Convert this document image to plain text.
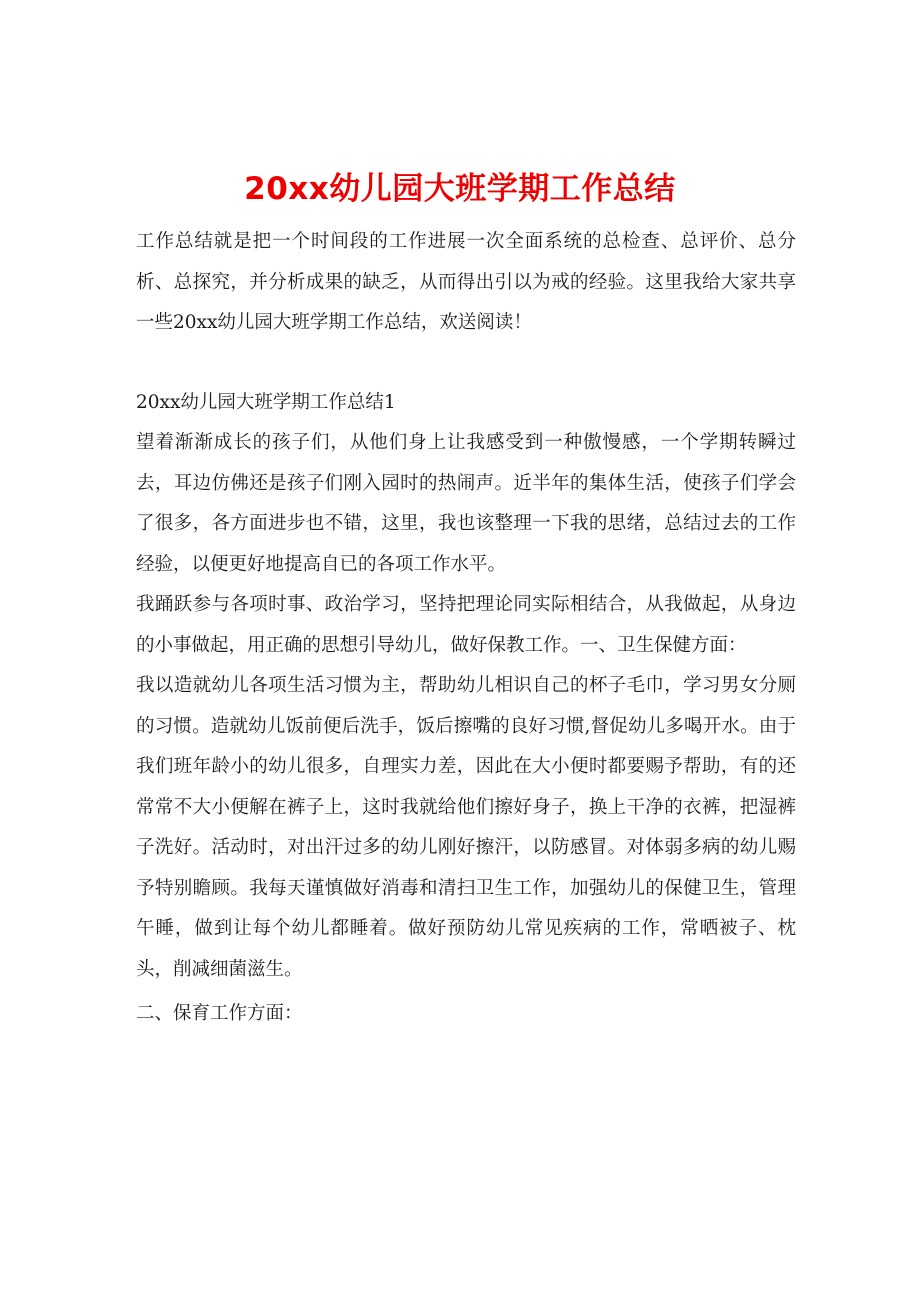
20xx幼儿园大班学期工作总结

工作总结就是把一个时间段的工作进展一次全面系统的总检查、总评价、总分析、总探究，并分析成果的缺乏，从而得出引以为戒的经验。这里我给大家共享一些20xx幼儿园大班学期工作总结，欢送阅读！

20xx幼儿园大班学期工作总结1

望着渐渐成长的孩子们，从他们身上让我感受到一种傲慢感，一个学期转瞬过去，耳边仿佛还是孩子们刚入园时的热闹声。近半年的集体生活，使孩子们学会了很多，各方面进步也不错，这里，我也该整理一下我的思绪，总结过去的工作经验，以便更好地提高自已的各项工作水平。

我踊跃参与各项时事、政治学习，坚持把理论同实际相结合，从我做起，从身边的小事做起，用正确的思想引导幼儿，做好保教工作。一、卫生保健方面：

我以造就幼儿各项生活习惯为主，帮助幼儿相识自己的杯子毛巾，学习男女分厕的习惯。造就幼儿饭前便后洗手，饭后擦嘴的良好习惯,督促幼儿多喝开水。由于我们班年龄小的幼儿很多，自理实力差，因此在大小便时都要赐予帮助，有的还常常不大小便解在裤子上，这时我就给他们擦好身子，换上干净的衣裤，把湿裤子洗好。活动时，对出汗过多的幼儿刚好擦汗，以防感冒。对体弱多病的幼儿赐予特别瞻顾。我每天谨慎做好消毒和清扫卫生工作，加强幼儿的保健卫生，管理午睡，做到让每个幼儿都睡着。做好预防幼儿常见疾病的工作，常晒被子、枕头，削减细菌滋生。

二、保育工作方面：
